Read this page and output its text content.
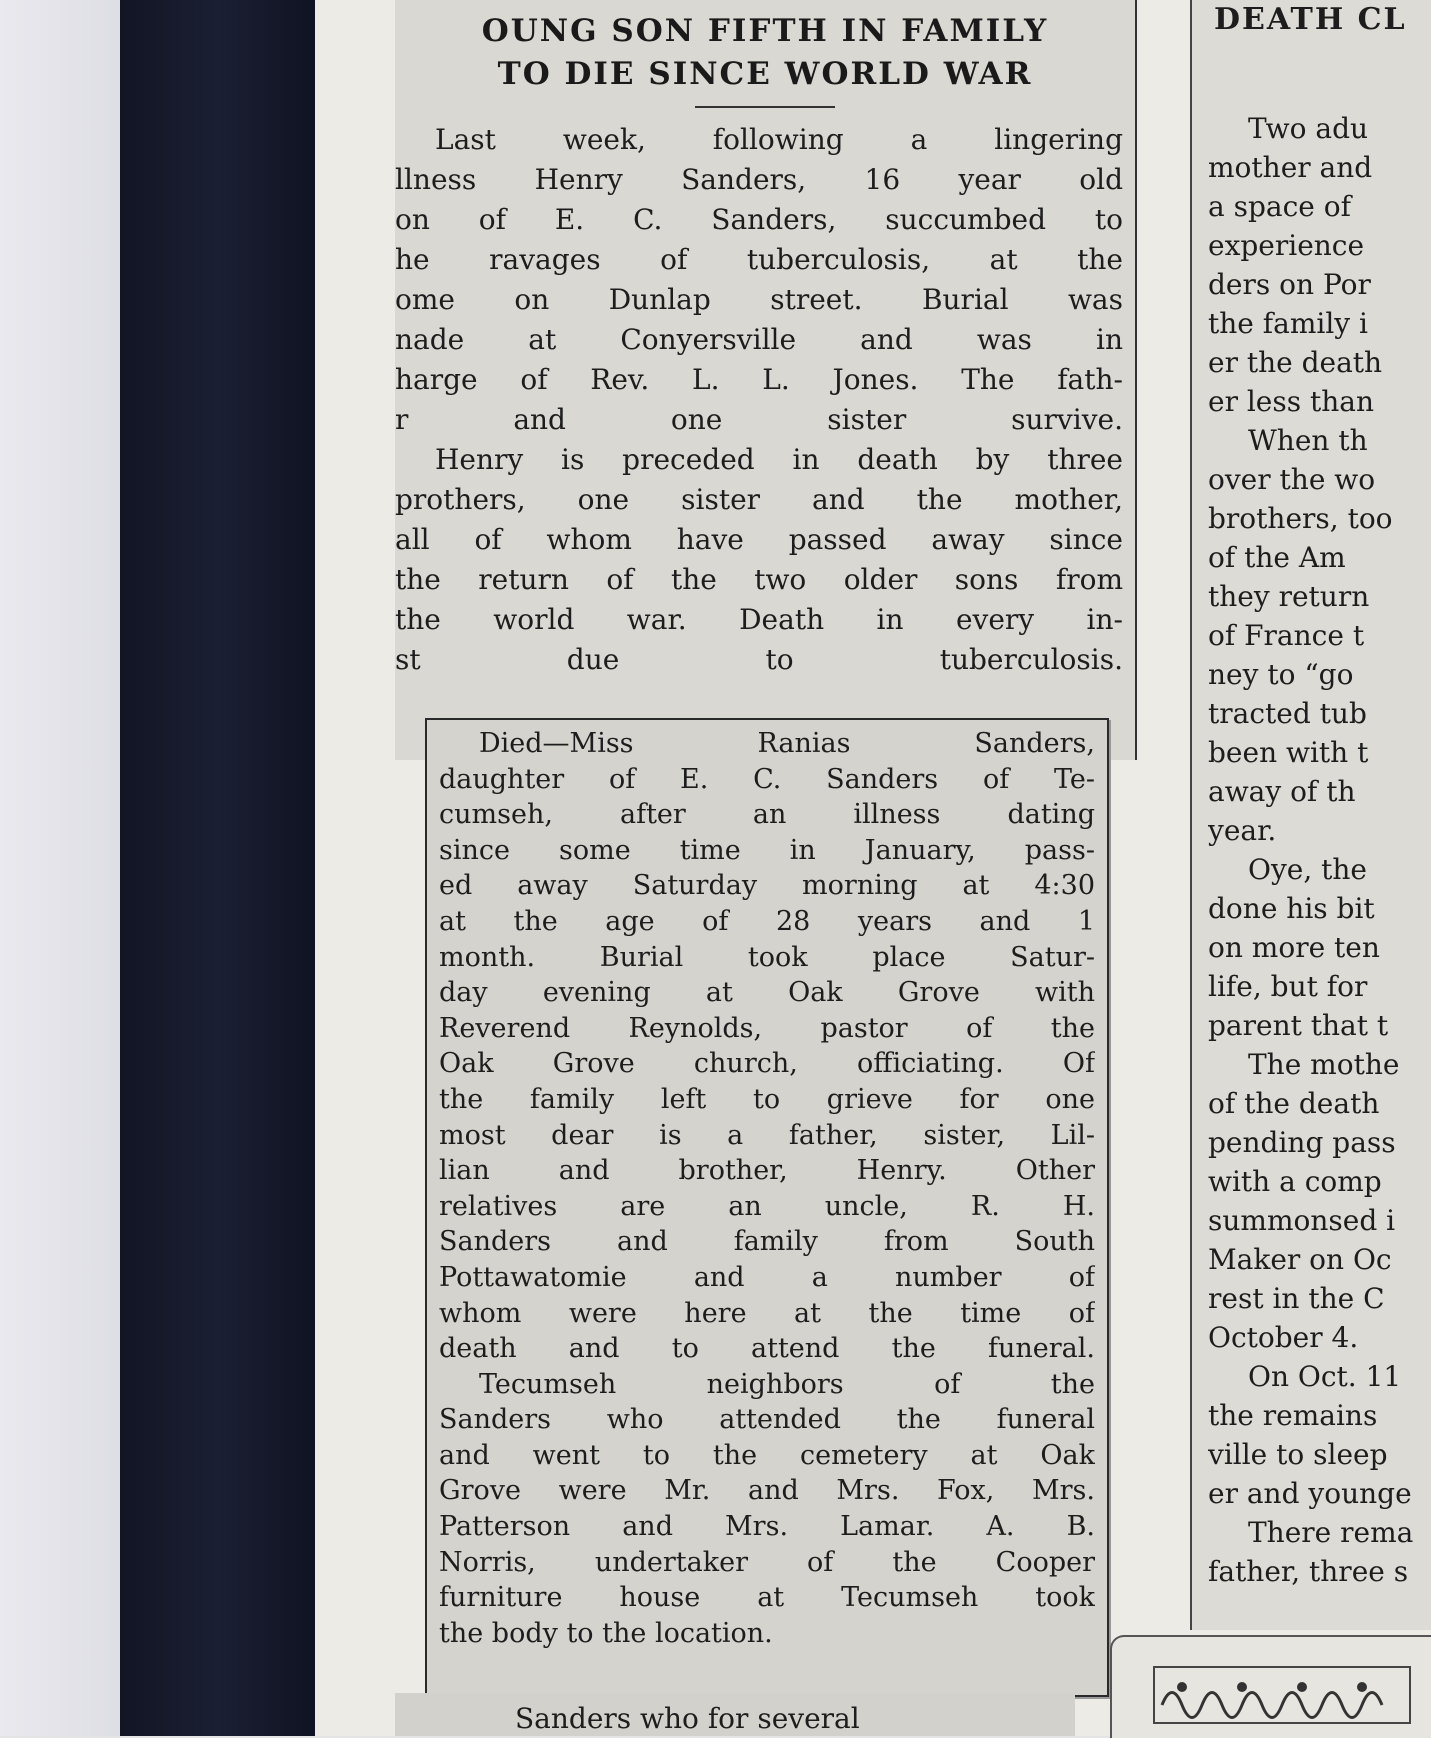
DEATH CL
Two adu
mother and
a space of
experience
ders on Por
the family i
er the death
er less than
When th
over the wo
brothers, too
of the Am
they return
of France t
ney to “go
tracted tub
been with t
away of th
year.
Oye, the
done his bit
on more ten
life, but for
parent that t
The mothe
of the death
pending pass
with a comp
summonsed i
Maker on Oc
rest in the C
October 4.
On Oct. 11
the remains
ville to sleep
er and younge
There rema
father, three s
OUNG SON FIFTH IN FAMILY
TO DIE SINCE WORLD WAR
Last week, following a lingering
llness Henry Sanders, 16 year old
on of E. C. Sanders, succumbed to
he ravages of tuberculosis, at the
ome on Dunlap street. Burial was
nade at Conyersville and was in
harge of Rev. L. L. Jones. The fath-
r and one sister survive.
Henry is preceded in death by three
prothers, one sister and the mother,
all of whom have passed away since
the return of the two older sons from
the world war. Death in every in-
st due to tuberculosis.
Died—Miss Ranias Sanders,
daughter of E. C. Sanders of Te-
cumseh, after an illness dating
since some time in January, pass-
ed away Saturday morning at 4:30
at the age of 28 years and 1
month. Burial took place Satur-
day evening at Oak Grove with
Reverend Reynolds, pastor of the
Oak Grove church, officiating. Of
the family left to grieve for one
most dear is a father, sister, Lil-
lian and brother, Henry. Other
relatives are an uncle, R. H.
Sanders and family from South
Pottawatomie and a number of
whom were here at the time of
death and to attend the funeral.
Tecumseh neighbors of the
Sanders who attended the funeral
and went to the cemetery at Oak
Grove were Mr. and Mrs. Fox, Mrs.
Patterson and Mrs. Lamar. A. B.
Norris, undertaker of the Cooper
furniture house at Tecumseh took
the body to the location.
Sanders who for several
